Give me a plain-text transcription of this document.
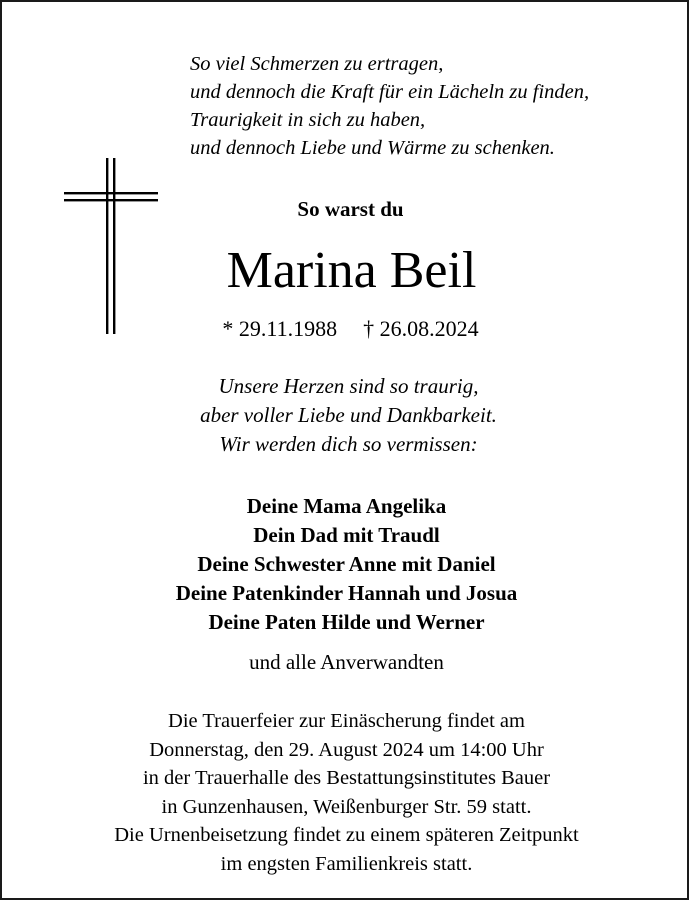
So viel Schmerzen zu ertragen,
und dennoch die Kraft für ein Lächeln zu finden,
Traurigkeit in sich zu haben,
und dennoch Liebe und Wärme zu schenken.
So warst du
Marina Beil
* 29.11.1988 † 26.08.2024
Unsere Herzen sind so traurig,
aber voller Liebe und Dankbarkeit.
Wir werden dich so vermissen:
Deine Mama Angelika
Dein Dad mit Traudl
Deine Schwester Anne mit Daniel
Deine Patenkinder Hannah und Josua
Deine Paten Hilde und Werner
und alle Anverwandten
Die Trauerfeier zur Einäscherung findet am
Donnerstag, den 29. August 2024 um 14:00 Uhr
in der Trauerhalle des Bestattungsinstitutes Bauer
in Gunzenhausen, Weißenburger Str. 59 statt.
Die Urnenbeisetzung findet zu einem späteren Zeitpunkt
im engsten Familienkreis statt.
